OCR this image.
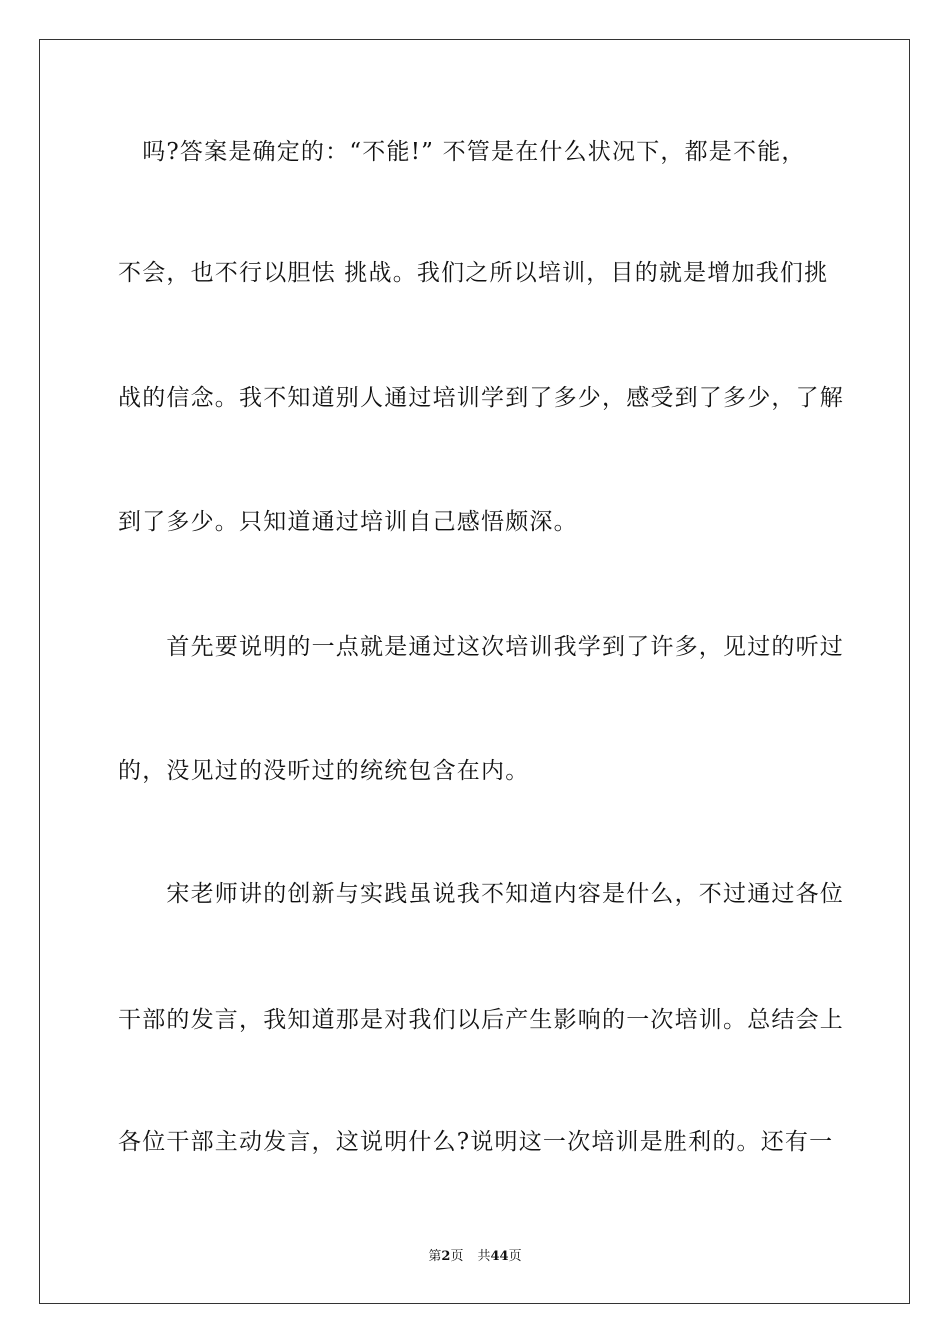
　吗?答案是确定的：“不能!” 不管是在什么状况下，都是不能，
不会，也不行以胆怯 挑战。我们之所以培训，目的就是增加我们挑
战的信念。我不知道别人通过培训学到了多少，感受到了多少，了解
到了多少。只知道通过培训自己感悟颇深。
　　首先要说明的一点就是通过这次培训我学到了许多，见过的听过
的，没见过的没听过的统统包含在内。
　　宋老师讲的创新与实践虽说我不知道内容是什么，不过通过各位
干部的发言，我知道那是对我们以后产生影响的一次培训。总结会上
各位干部主动发言，这说明什么?说明这一次培训是胜利的。还有一
第2页 共44页
